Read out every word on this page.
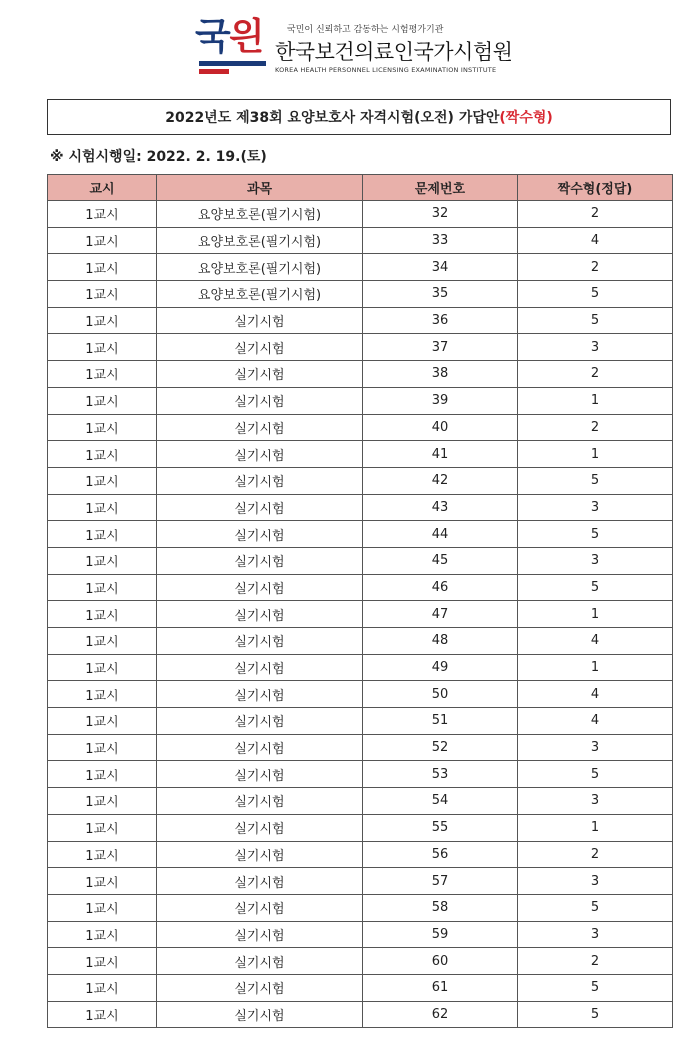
국읜	국민이 신뢰하고 감동하는 시험평가기관
한국보건의료인국가시험원
KOREA HEALTH PERSONNEL LICENSING EXAMINATION INSTITUTE
2022년도 제38회 요양보호사 자격시험(오전) 가답안 (짝수형)
※ 시험시행일: 2022. 2. 19.(토)
교시	과목	문제번호	짝수형(정답)
1교시	요양보호론(필기시험)	32	2
1교시	요양보호론(필기시험)	33	4
1교시	요양보호론(필기시험)	34	2
1교시	요양보호론(필기시험)	35	5
1교시	실기시험	36	5
1교시	실기시험	37	3
1교시	실기시험	38	2
1교시	실기시험	39	1
1교시	실기시험	40	2
1교시	실기시험	41	1
1교시	실기시험	42	5
1교시	실기시험	43	3
1교시	실기시험	44	5
1교시	실기시험	45	3
1교시	실기시험	46	5
1교시	실기시험	47	1
1교시	실기시험	48	4
1교시	실기시험	49	1
1교시	실기시험	50	4
1교시	실기시험	51	4
1교시	실기시험	52	3
1교시	실기시험	53	5
1교시	실기시험	54	3
1교시	실기시험	55	1
1교시	실기시험	56	2
1교시	실기시험	57	3
1교시	실기시험	58	5
1교시	실기시험	59	3
1교시	실기시험	60	2
1교시	실기시험	61	5
1교시	실기시험	62	5
